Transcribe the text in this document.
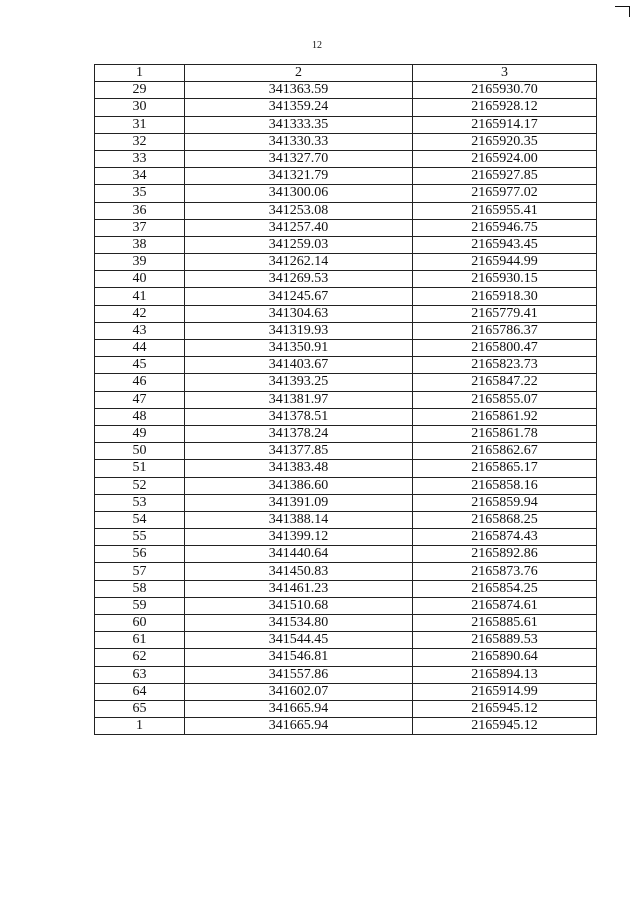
12
1	2	3
29	341363.59	2165930.70
30	341359.24	2165928.12
31	341333.35	2165914.17
32	341330.33	2165920.35
33	341327.70	2165924.00
34	341321.79	2165927.85
35	341300.06	2165977.02
36	341253.08	2165955.41
37	341257.40	2165946.75
38	341259.03	2165943.45
39	341262.14	2165944.99
40	341269.53	2165930.15
41	341245.67	2165918.30
42	341304.63	2165779.41
43	341319.93	2165786.37
44	341350.91	2165800.47
45	341403.67	2165823.73
46	341393.25	2165847.22
47	341381.97	2165855.07
48	341378.51	2165861.92
49	341378.24	2165861.78
50	341377.85	2165862.67
51	341383.48	2165865.17
52	341386.60	2165858.16
53	341391.09	2165859.94
54	341388.14	2165868.25
55	341399.12	2165874.43
56	341440.64	2165892.86
57	341450.83	2165873.76
58	341461.23	2165854.25
59	341510.68	2165874.61
60	341534.80	2165885.61
61	341544.45	2165889.53
62	341546.81	2165890.64
63	341557.86	2165894.13
64	341602.07	2165914.99
65	341665.94	2165945.12
1	341665.94	2165945.12
